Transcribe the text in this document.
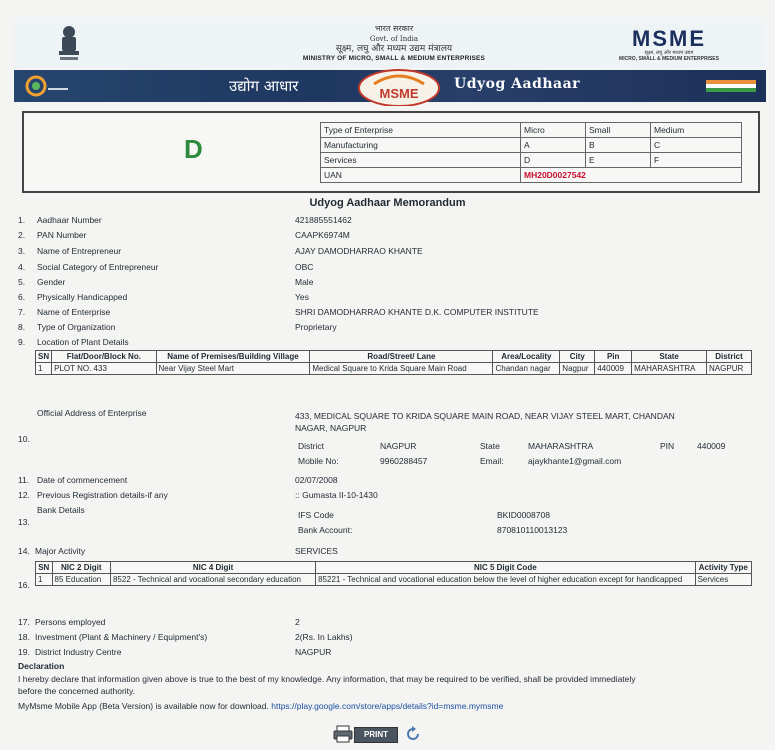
भारत सरकार
Govt. of India
सूक्ष्म, लघु और मध्यम उद्यम मंत्रालय
MINISTRY OF MICRO, SMALL & MEDIUM ENTERPRISES
MSME
सूक्ष्म, लघु और मध्यम उद्यम
MICRO, SMALL & MEDIUM ENTERPRISES
उद्योग आधार	MSME
Udyog Aadhaar
D
Type of Enterprise	Micro	Small	Medium
Manufacturing	A	B	C
Services	D	E	F
UAN	MH20D0027542		
Udyog Aadhaar Memorandum
1. Aadhaar Number	421885551462
2. PAN Number	CAAPK6974M
3. Name of Entrepreneur	AJAY DAMODHARRAO KHANTE
4. Social Category of Entrepreneur	OBC
5. Gender	Male
6. Physically Handicapped	Yes
7. Name of Enterprise	SHRI DAMODHARRAO KHANTE D.K. COMPUTER INSTITUTE
8. Type of Organization	Proprietary
9. Location of Plant Details
SN	Flat/Door/Block No.	Name of Premises/Building Village	Road/Street/ Lane	Area/Locality	City	Pin	State	District
1	PLOT NO. 433	Near Vijay Steel Mart	Medical Square to Krida Square Main Road	Chandan nagar	Nagpur	440009	MAHARASHTRA	NAGPUR
Official Address of Enterprise
10.
433, MEDICAL SQUARE TO KRIDA SQUARE MAIN ROAD, NEAR VIJAY STEEL MART, CHANDAN
NAGAR, NAGPUR
District	NAGPUR	State	MAHARASHTRA	PIN	440009
Mobile No:	9960288457	Email:	ajaykhante1@gmail.com
11. Date of commencement	02/07/2008
12. Previous Registration details-if any	:: Gumasta II-10-1430
Bank Details
13.
IFS Code	BKID0008708
Bank Account:	870810110013123
14. Major Activity	SERVICES
16.
SN	NIC 2 Digit	NIC 4 Digit	NIC 5 Digit Code	Activity Type
1	85 Education	8522 - Technical and vocational secondary education	85221 - Technical and vocational education below the level of higher education except for handicapped	Services
17. Persons employed	2
18. Investment (Plant & Machinery / Equipment's)	2(Rs. In Lakhs)
19. District Industry Centre	NAGPUR
Declaration
I hereby declare that information given above is true to the best of my knowledge. Any information, that may be required to be verified, shall be provided immediately
before the concerned authority.
MyMsme Mobile App (Beta Version) is available now for download. https://play.google.com/store/apps/details?id=msme.mymsme
PRINT
